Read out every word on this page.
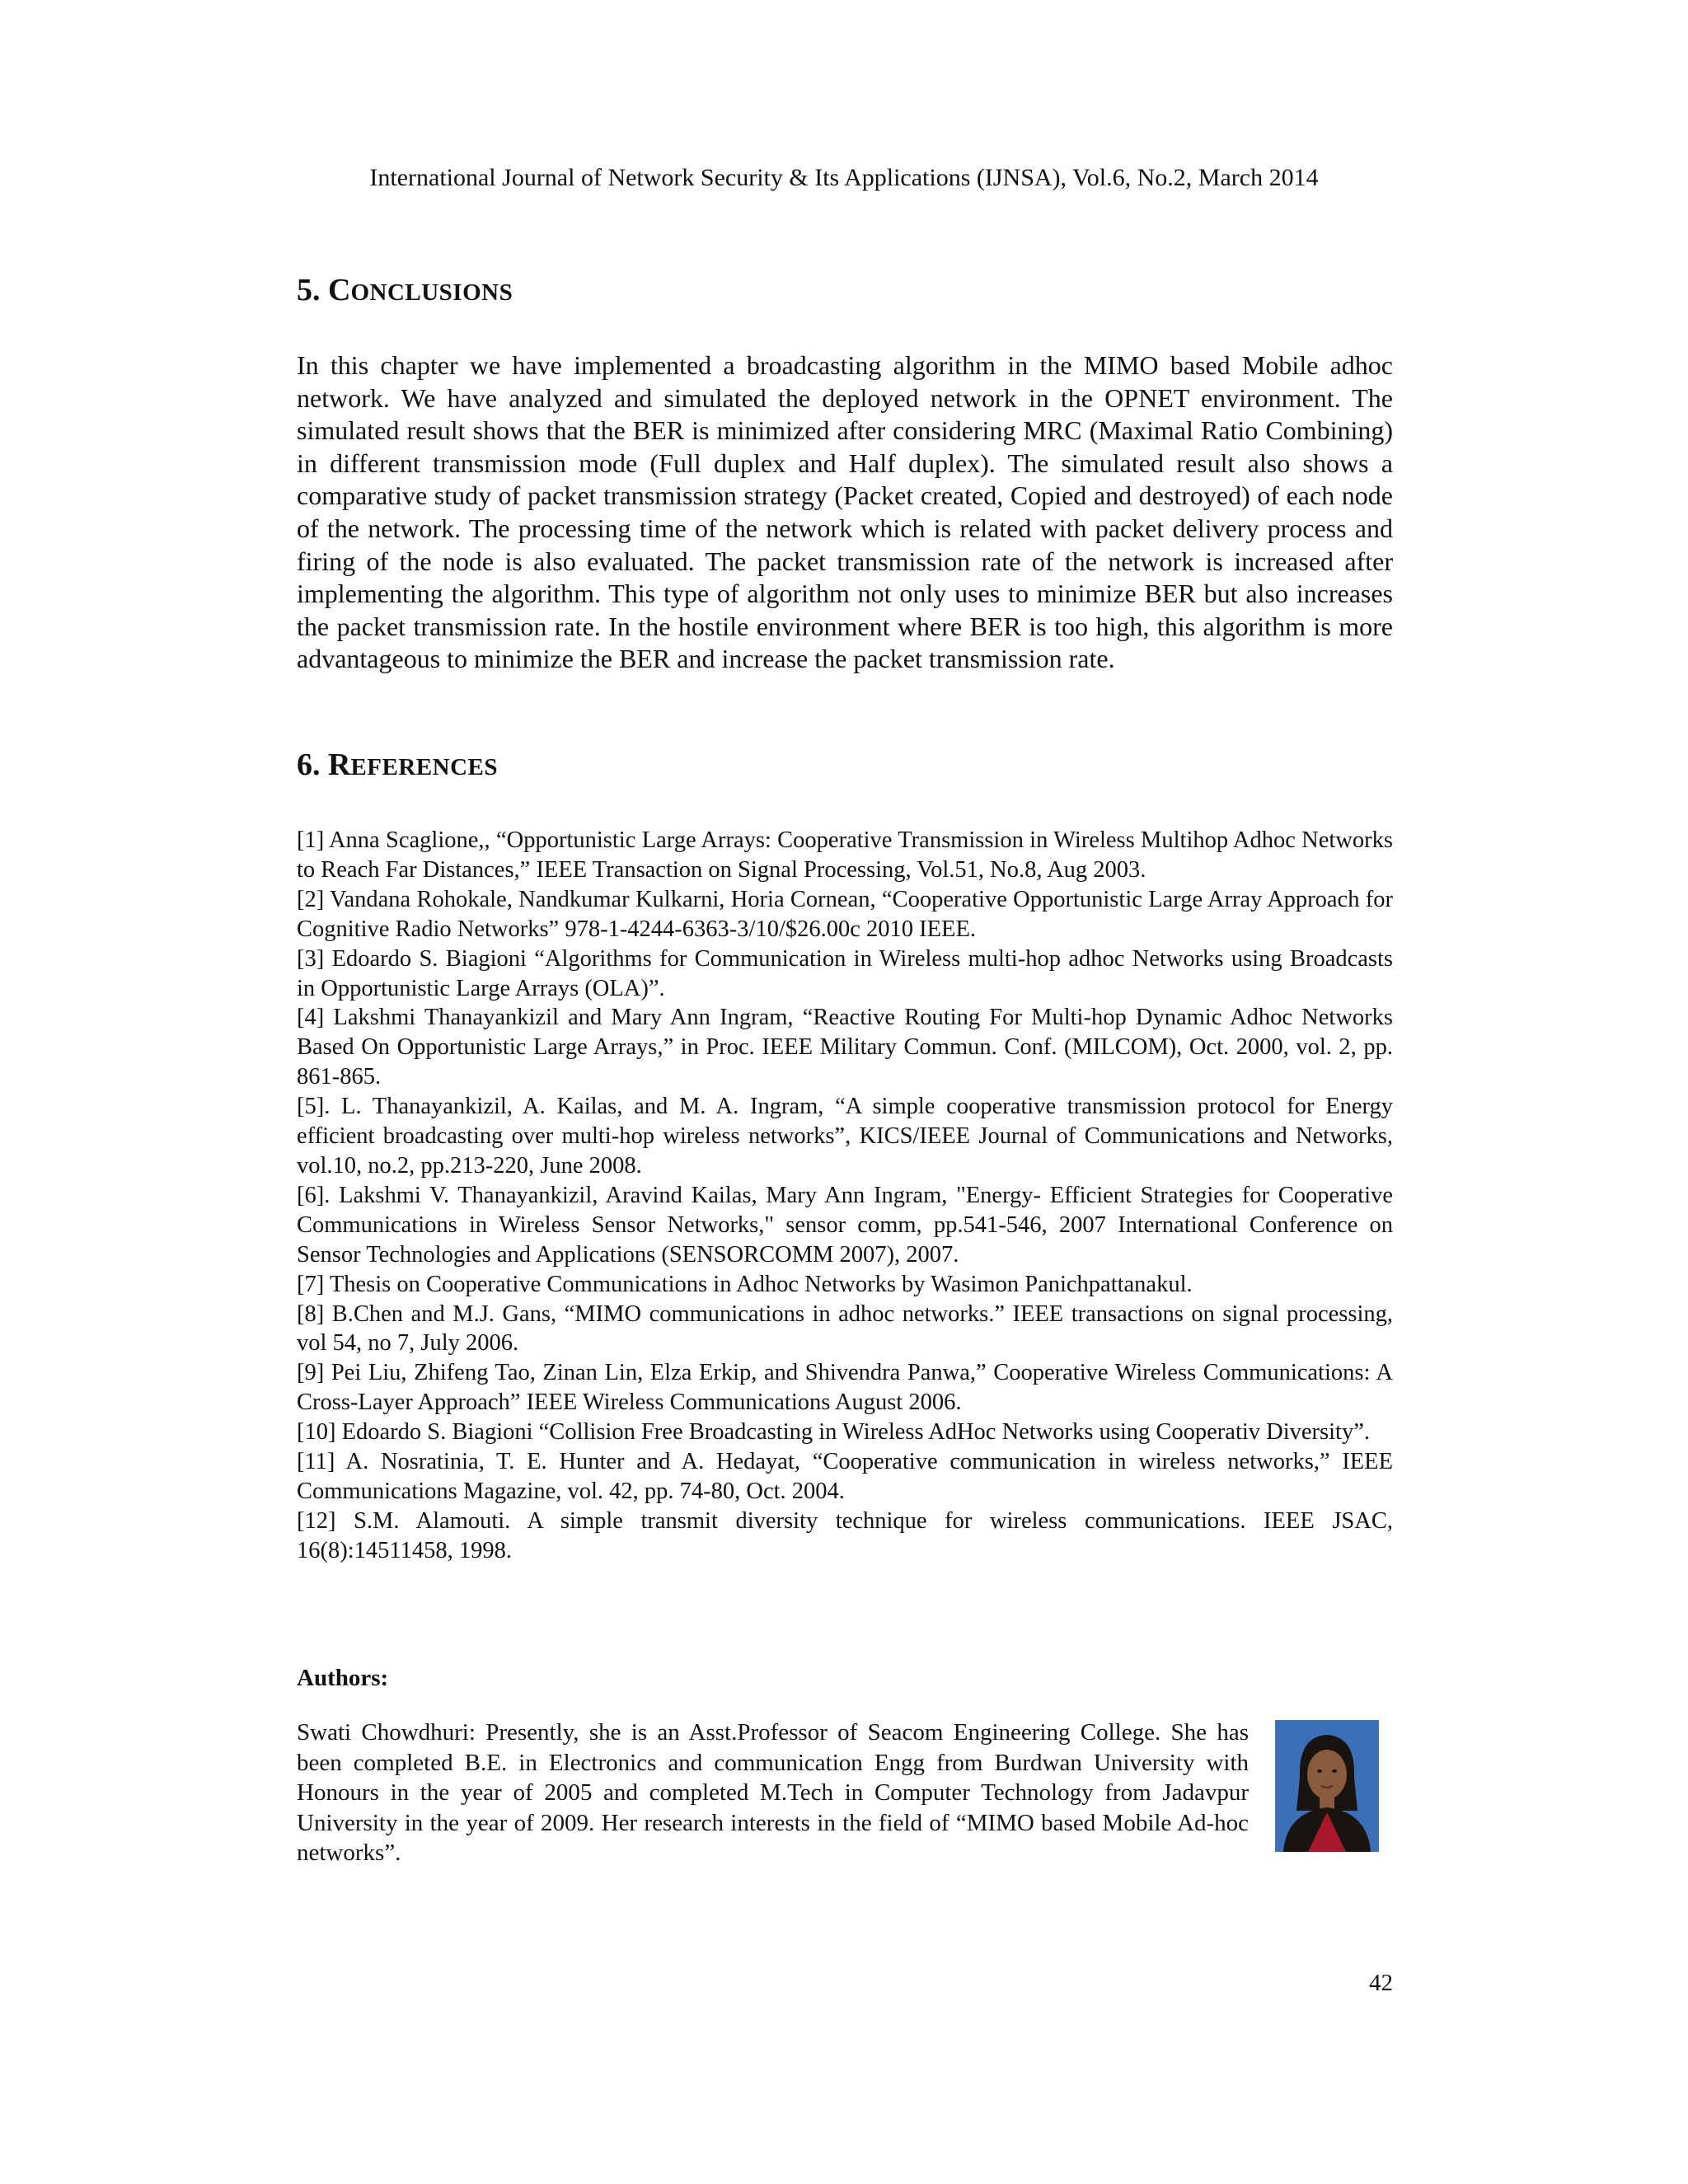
International Journal of Network Security & Its Applications (IJNSA), Vol.6, No.2, March 2014
5. CONCLUSIONS

In this chapter we have implemented a broadcasting algorithm in the MIMO based Mobile adhoc network. We have analyzed and simulated the deployed network in the OPNET environment. The simulated result shows that the BER is minimized after considering MRC (Maximal Ratio Combining) in different transmission mode (Full duplex and Half duplex). The simulated result also shows a comparative study of packet transmission strategy (Packet created, Copied and destroyed) of each node of the network. The processing time of the network which is related with packet delivery process and firing of the node is also evaluated. The packet transmission rate of the network is increased after implementing the algorithm. This type of algorithm not only uses to minimize BER but also increases the packet transmission rate. In the hostile environment where BER is too high, this algorithm is more advantageous to minimize the BER and increase the packet transmission rate.

6. REFERENCES

[1] Anna Scaglione,, “Opportunistic Large Arrays: Cooperative Transmission in Wireless Multihop Adhoc Networks to Reach Far Distances,” IEEE Transaction on Signal Processing, Vol.51, No.8, Aug 2003.

[2] Vandana Rohokale, Nandkumar Kulkarni, Horia Cornean, “Cooperative Opportunistic Large Array Approach for Cognitive Radio Networks” 978-1-4244-6363-3/10/$26.00c 2010 IEEE.

[3] Edoardo S. Biagioni “Algorithms for Communication in Wireless multi-hop adhoc Networks using Broadcasts in Opportunistic Large Arrays (OLA)”.

[4] Lakshmi Thanayankizil and Mary Ann Ingram, “Reactive Routing For Multi-hop Dynamic Adhoc Networks Based On Opportunistic Large Arrays,” in Proc. IEEE Military Commun. Conf. (MILCOM), Oct. 2000, vol. 2, pp. 861-865.

[5]. L. Thanayankizil, A. Kailas, and M. A. Ingram, “A simple cooperative transmission protocol for Energy efficient broadcasting over multi-hop wireless networks”, KICS/IEEE Journal of Communications and Networks, vol.10, no.2, pp.213-220, June 2008.

[6]. Lakshmi V. Thanayankizil, Aravind Kailas, Mary Ann Ingram, "Energy- Efficient Strategies for Cooperative Communications in Wireless Sensor Networks," sensor comm, pp.541-546, 2007 International Conference on Sensor Technologies and Applications (SENSORCOMM 2007), 2007.

[7] Thesis on Cooperative Communications in Adhoc Networks by Wasimon Panichpattanakul.

[8] B.Chen and M.J. Gans, “MIMO communications in adhoc networks.” IEEE transactions on signal processing, vol 54, no 7, July 2006.

[9] Pei Liu, Zhifeng Tao, Zinan Lin, Elza Erkip, and Shivendra Panwa,” Cooperative Wireless Communications: A Cross-Layer Approach” IEEE Wireless Communications August 2006.

[10] Edoardo S. Biagioni “Collision Free Broadcasting in Wireless AdHoc Networks using Cooperativ Diversity”.

[11] A. Nosratinia, T. E. Hunter and A. Hedayat, “Cooperative communication in wireless networks,” IEEE Communications Magazine, vol. 42, pp. 74-80, Oct. 2004.

[12] S.M. Alamouti. A simple transmit diversity technique for wireless communications. IEEE JSAC, 16(8):14511458, 1998.

Authors:

Swati Chowdhuri: Presently, she is an Asst.Professor of Seacom Engineering College. She has been completed B.E. in Electronics and communication Engg from Burdwan University with Honours in the year of 2005 and completed M.Tech in Computer Technology from Jadavpur University in the year of 2009. Her research interests in the field of “MIMO based Mobile Ad-hoc networks”.

42
